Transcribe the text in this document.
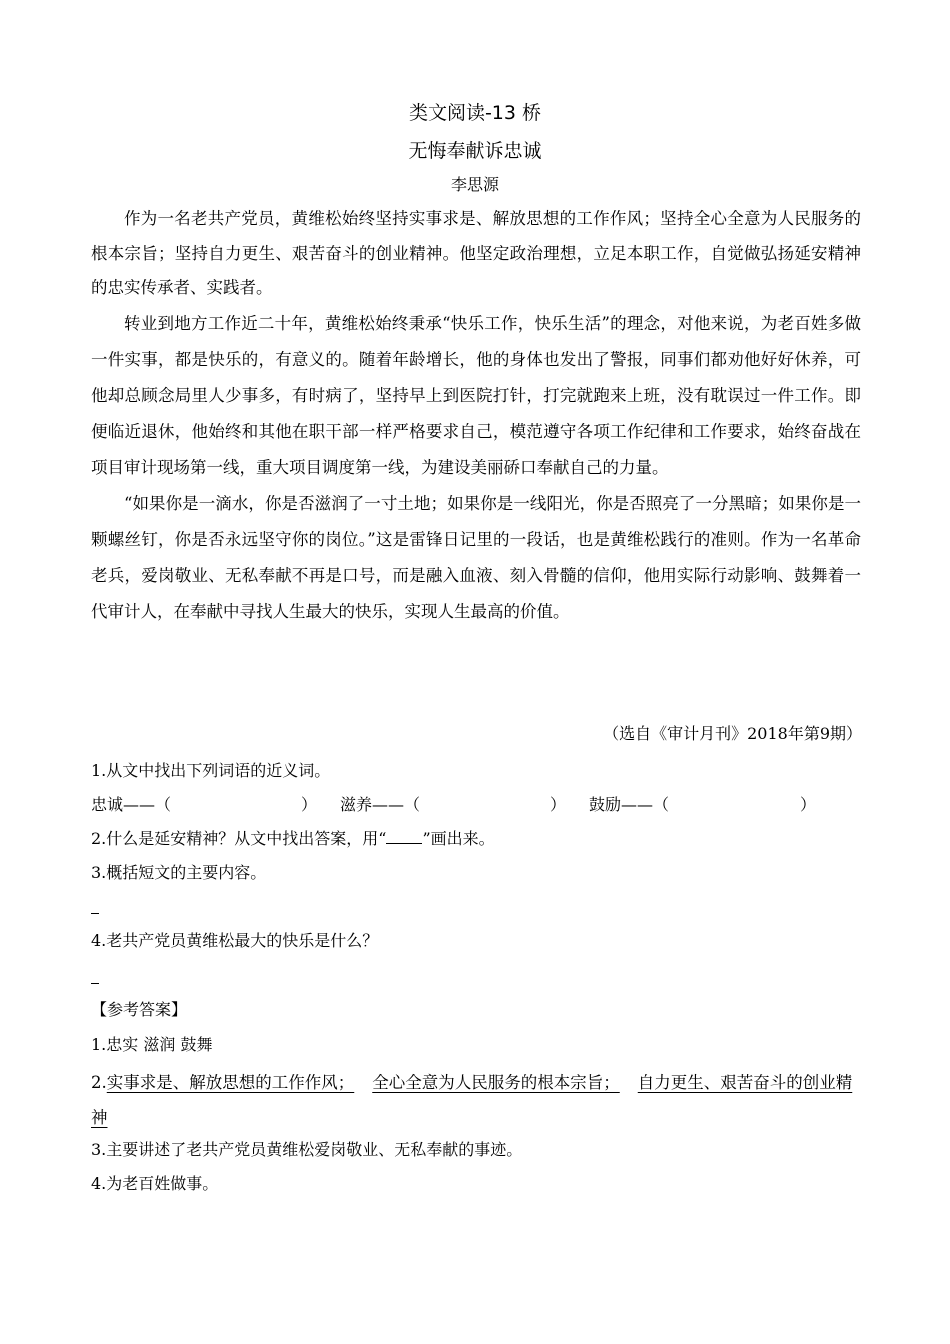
类文阅读-13 桥
无悔奉献诉忠诚
李思源

作为一名老共产党员，黄维松始终坚持实事求是、解放思想的工作作风；坚持全心全意为人民服务的根本宗旨；坚持自力更生、艰苦奋斗的创业精神。他坚定政治理想，立足本职工作，自觉做弘扬延安精神的忠实传承者、实践者。

转业到地方工作近二十年，黄维松始终秉承“快乐工作，快乐生活”的理念，对他来说，为老百姓多做一件实事，都是快乐的，有意义的。随着年龄增长，他的身体也发出了警报，同事们都劝他好好休养，可他却总顾念局里人少事多，有时病了，坚持早上到医院打针，打完就跑来上班，没有耽误过一件工作。即便临近退休，他始终和其他在职干部一样严格要求自己，模范遵守各项工作纪律和工作要求，始终奋战在项目审计现场第一线，重大项目调度第一线，为建设美丽硚口奉献自己的力量。

“如果你是一滴水，你是否滋润了一寸土地；如果你是一线阳光，你是否照亮了一分黑暗；如果你是一颗螺丝钉，你是否永远坚守你的岗位。”这是雷锋日记里的一段话，也是黄维松践行的准则。作为一名革命老兵，爱岗敬业、无私奉献不再是口号，而是融入血液、刻入骨髓的信仰，他用实际行动影响、鼓舞着一代审计人，在奉献中寻找人生最大的快乐，实现人生最高的价值。

（选自《审计月刊》2018年第9期）
1.从文中找出下列词语的近义词。
忠诚——（	） 滋养——（	） 鼓励——（	）
2.什么是延安精神？从文中找出答案，用“ ”画出来。
3.概括短文的主要内容。
4.老共产党员黄维松最大的快乐是什么？
【参考答案】
1.忠实 滋润 鼓舞
2.实事求是、解放思想的工作作风； 全心全意为人民服务的根本宗旨； 自力更生、艰苦奋斗的创业精神
3.主要讲述了老共产党员黄维松爱岗敬业、无私奉献的事迹。
4.为老百姓做事。
